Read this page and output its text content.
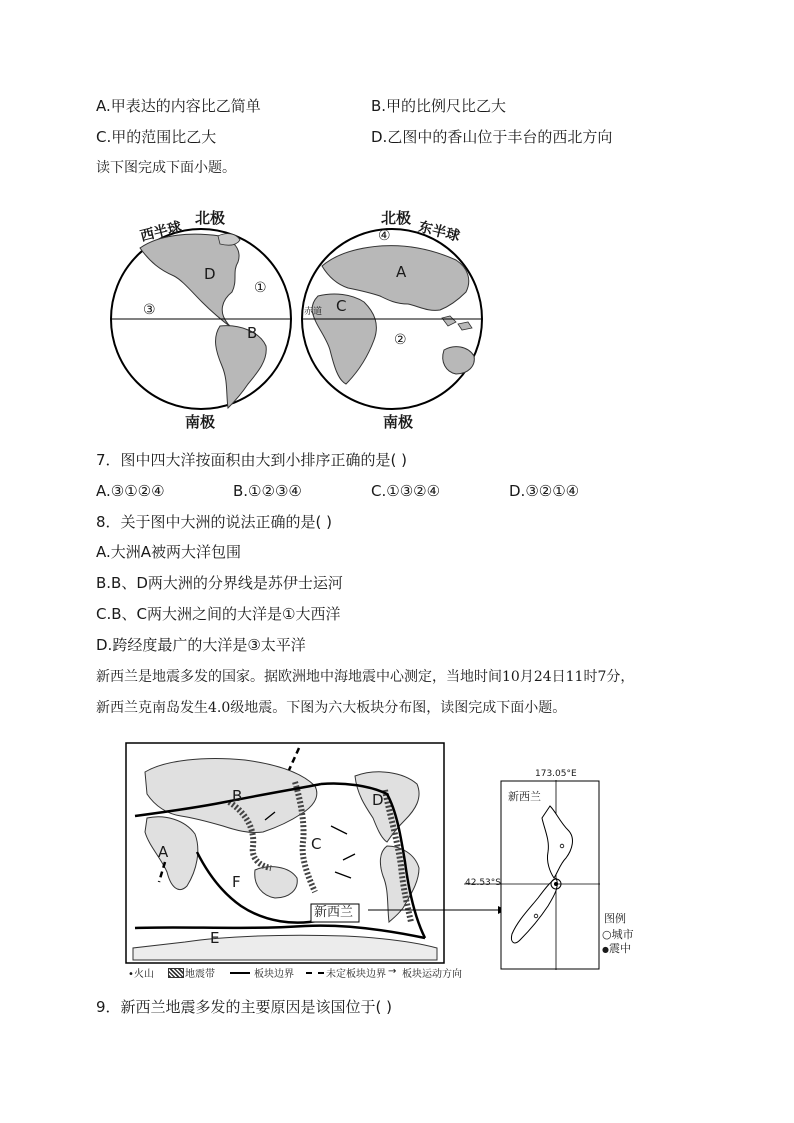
A.甲表达的内容比乙简单	B.甲的比例尺比乙大
C.甲的范围比乙大	D.乙图中的香山位于丰台的西北方向
读下图完成下面小题。
西半球
北极	北极
东半球
南极	南极
D
B
A
C
①
②
③
④
赤道
7．图中四大洋按面积由大到小排序正确的是( )
A.③①②④	B.①②③④	C.①③②④	D.③②①④
8．关于图中大洲的说法正确的是( )
A.大洲A被两大洋包围
B.B、D两大洲的分界线是苏伊士运河
C.B、C两大洲之间的大洋是①大西洋
D.跨经度最广的大洋是③太平洋
新西兰是地震多发的国家。据欧洲地中海地震中心测定，当地时间10月24日11时7分，
新西兰克南岛发生4.0级地震。下图为六大板块分布图，读图完成下面小题。
B	D
C
A
F
E
新西兰
•火山	地震带	板块边界	未定板块边界 → 板块运动方向
173.05°E
42.53°S
新西兰
图例
○城市
●震中
9．新西兰地震多发的主要原因是该国位于( )
